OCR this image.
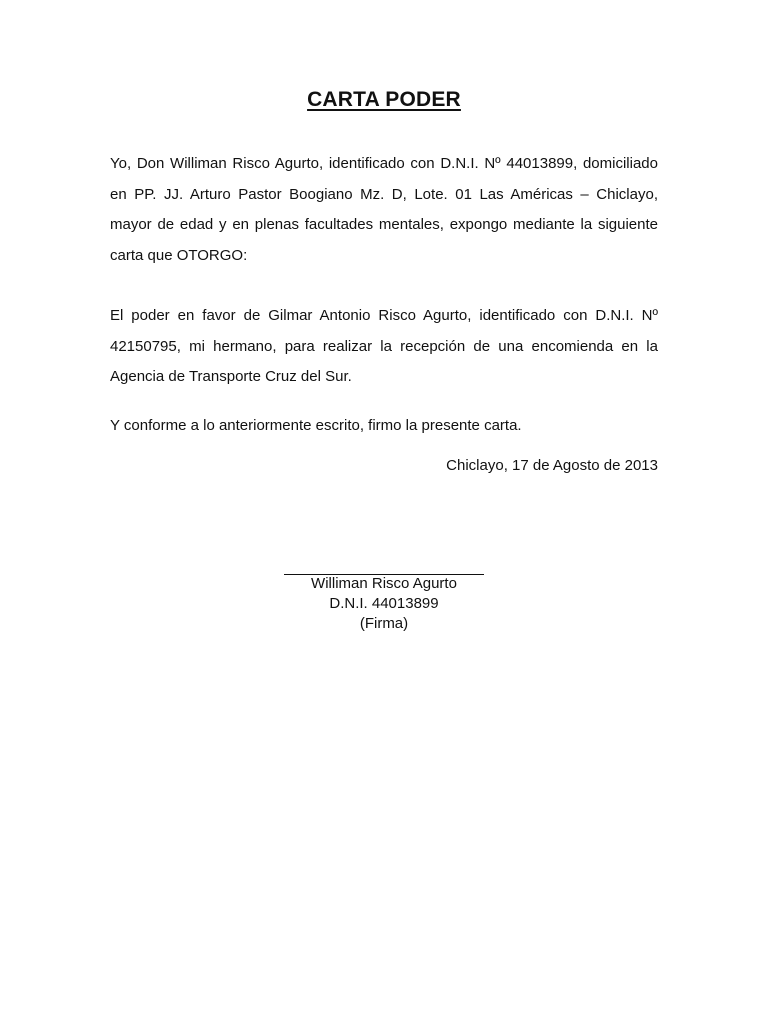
CARTA PODER
Yo, Don Williman Risco Agurto, identificado con D.N.I. Nº 44013899, domiciliado en PP. JJ. Arturo Pastor Boogiano Mz. D, Lote. 01 Las Américas – Chiclayo, mayor de edad y en plenas facultades mentales, expongo mediante la siguiente carta que OTORGO:
El poder en favor de Gilmar Antonio Risco Agurto, identificado con D.N.I. Nº 42150795, mi hermano, para realizar la recepción de una encomienda en la Agencia de Transporte Cruz del Sur.
Y conforme a lo anteriormente escrito, firmo la presente carta.
Chiclayo, 17 de Agosto de 2013
Williman Risco Agurto
D.N.I. 44013899
(Firma)
